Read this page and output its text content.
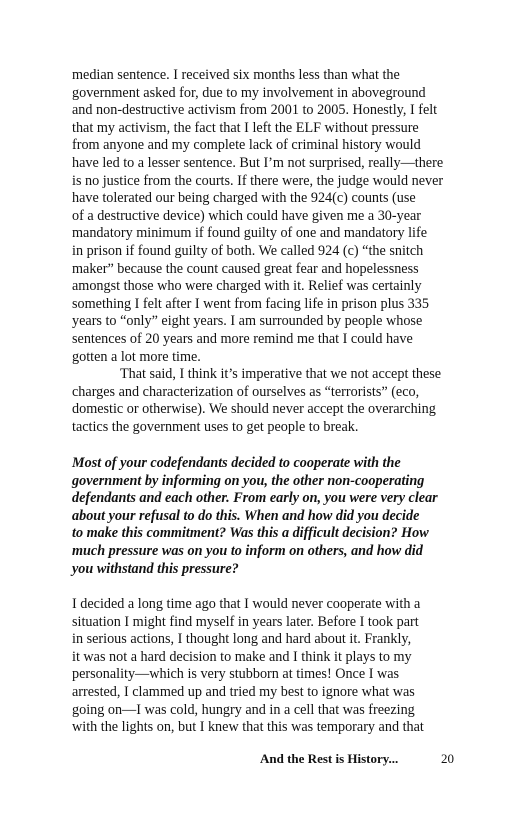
median sentence. I received six months less than what the
government asked for, due to my involvement in aboveground
and non-destructive activism from 2001 to 2005. Honestly, I felt
that my activism, the fact that I left the ELF without pressure
from anyone and my complete lack of criminal history would
have led to a lesser sentence. But I’m not surprised, really—there
is no justice from the courts. If there were, the judge would never
have tolerated our being charged with the 924(c) counts (use
of a destructive device) which could have given me a 30-year
mandatory minimum if found guilty of one and mandatory life
in prison if found guilty of both. We called 924 (c) “the snitch
maker” because the count caused great fear and hopelessness
amongst those who were charged with it. Relief was certainly
something I felt after I went from facing life in prison plus 335
years to “only” eight years. I am surrounded by people whose
sentences of 20 years and more remind me that I could have
gotten a lot more time.
That said, I think it’s imperative that we not accept these
charges and characterization of ourselves as “terrorists” (eco,
domestic or otherwise). We should never accept the overarching
tactics the government uses to get people to break.
Most of your codefendants decided to cooperate with the
government by informing on you, the other non-cooperating
defendants and each other. From early on, you were very clear
about your refusal to do this. When and how did you decide
to make this commitment? Was this a difficult decision? How
much pressure was on you to inform on others, and how did
you withstand this pressure?
I decided a long time ago that I would never cooperate with a
situation I might find myself in years later. Before I took part
in serious actions, I thought long and hard about it. Frankly,
it was not a hard decision to make and I think it plays to my
personality—which is very stubborn at times! Once I was
arrested, I clammed up and tried my best to ignore what was
going on—I was cold, hungry and in a cell that was freezing
with the lights on, but I knew that this was temporary and that
And the Rest is History...	20
